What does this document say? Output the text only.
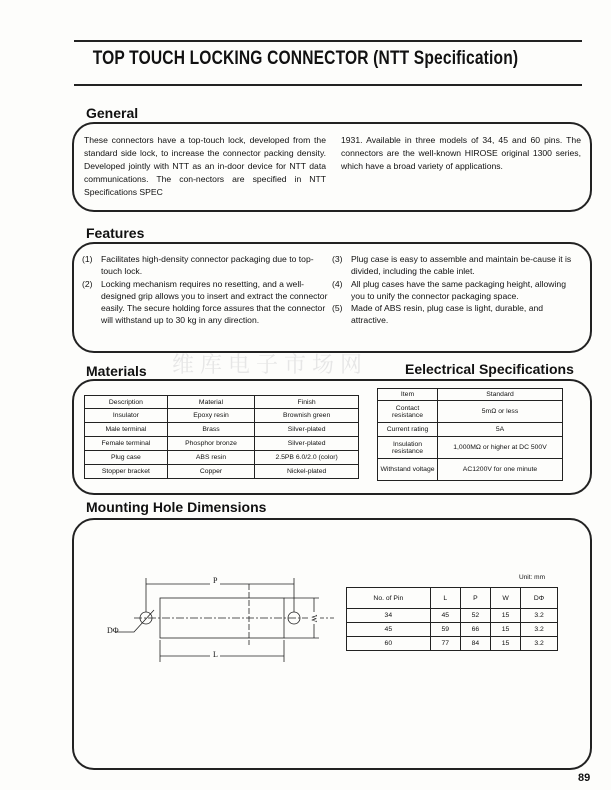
TOP TOUCH LOCKING CONNECTOR (NTT Specification)
General
These connectors have a top-touch lock, developed from the standard side lock, to increase the connector packing density. Developed jointly with NTT as an in-door device for NTT data communications. The con-nectors are specified in NTT Specifications SPEC
1931. Available in three models of 34, 45 and 60 pins. The connectors are the well-known HIROSE original 1300 series, which have a broad variety of applications.
Features
(1) Facilitates high-density connector packaging due to top-touch lock.
(2) Locking mechanism requires no resetting, and a well-designed grip allows you to insert and extract the connector easily. The secure holding force assures that the connector will withstand up to 30 kg in any direction.
(3) Plug case is easy to assemble and maintain be-cause it is divided, including the cable inlet.
(4) All plug cases have the same packaging height, allowing you to unify the connector packaging space.
(5) Made of ABS resin, plug case is light, durable, and attractive.
Materials 维库电子市场网	Eelectrical Specifications
Description	Material	Finish
Insulator	Epoxy resin	Brownish green
Male terminal	Brass	Silver-plated
Female terminal	Phosphor bronze	Silver-plated
Plug case	ABS resin	2.5PB 6.0/2.0 (color)
Stopper bracket	Copper	Nickel-plated
Item	Standard
Contact resistance	5mΩ or less
Current rating	5A
Insulation resistance	1,000MΩ or higher at DC 500V
Withstand voltage	AC1200V for one minute
Mounting Hole Dimensions
P
L
W
DΦ
Unit: mm
No. of Pin	L	P	W	DΦ
34	45	52	15	3.2
45	59	66	15	3.2
60	77	84	15	3.2
89
